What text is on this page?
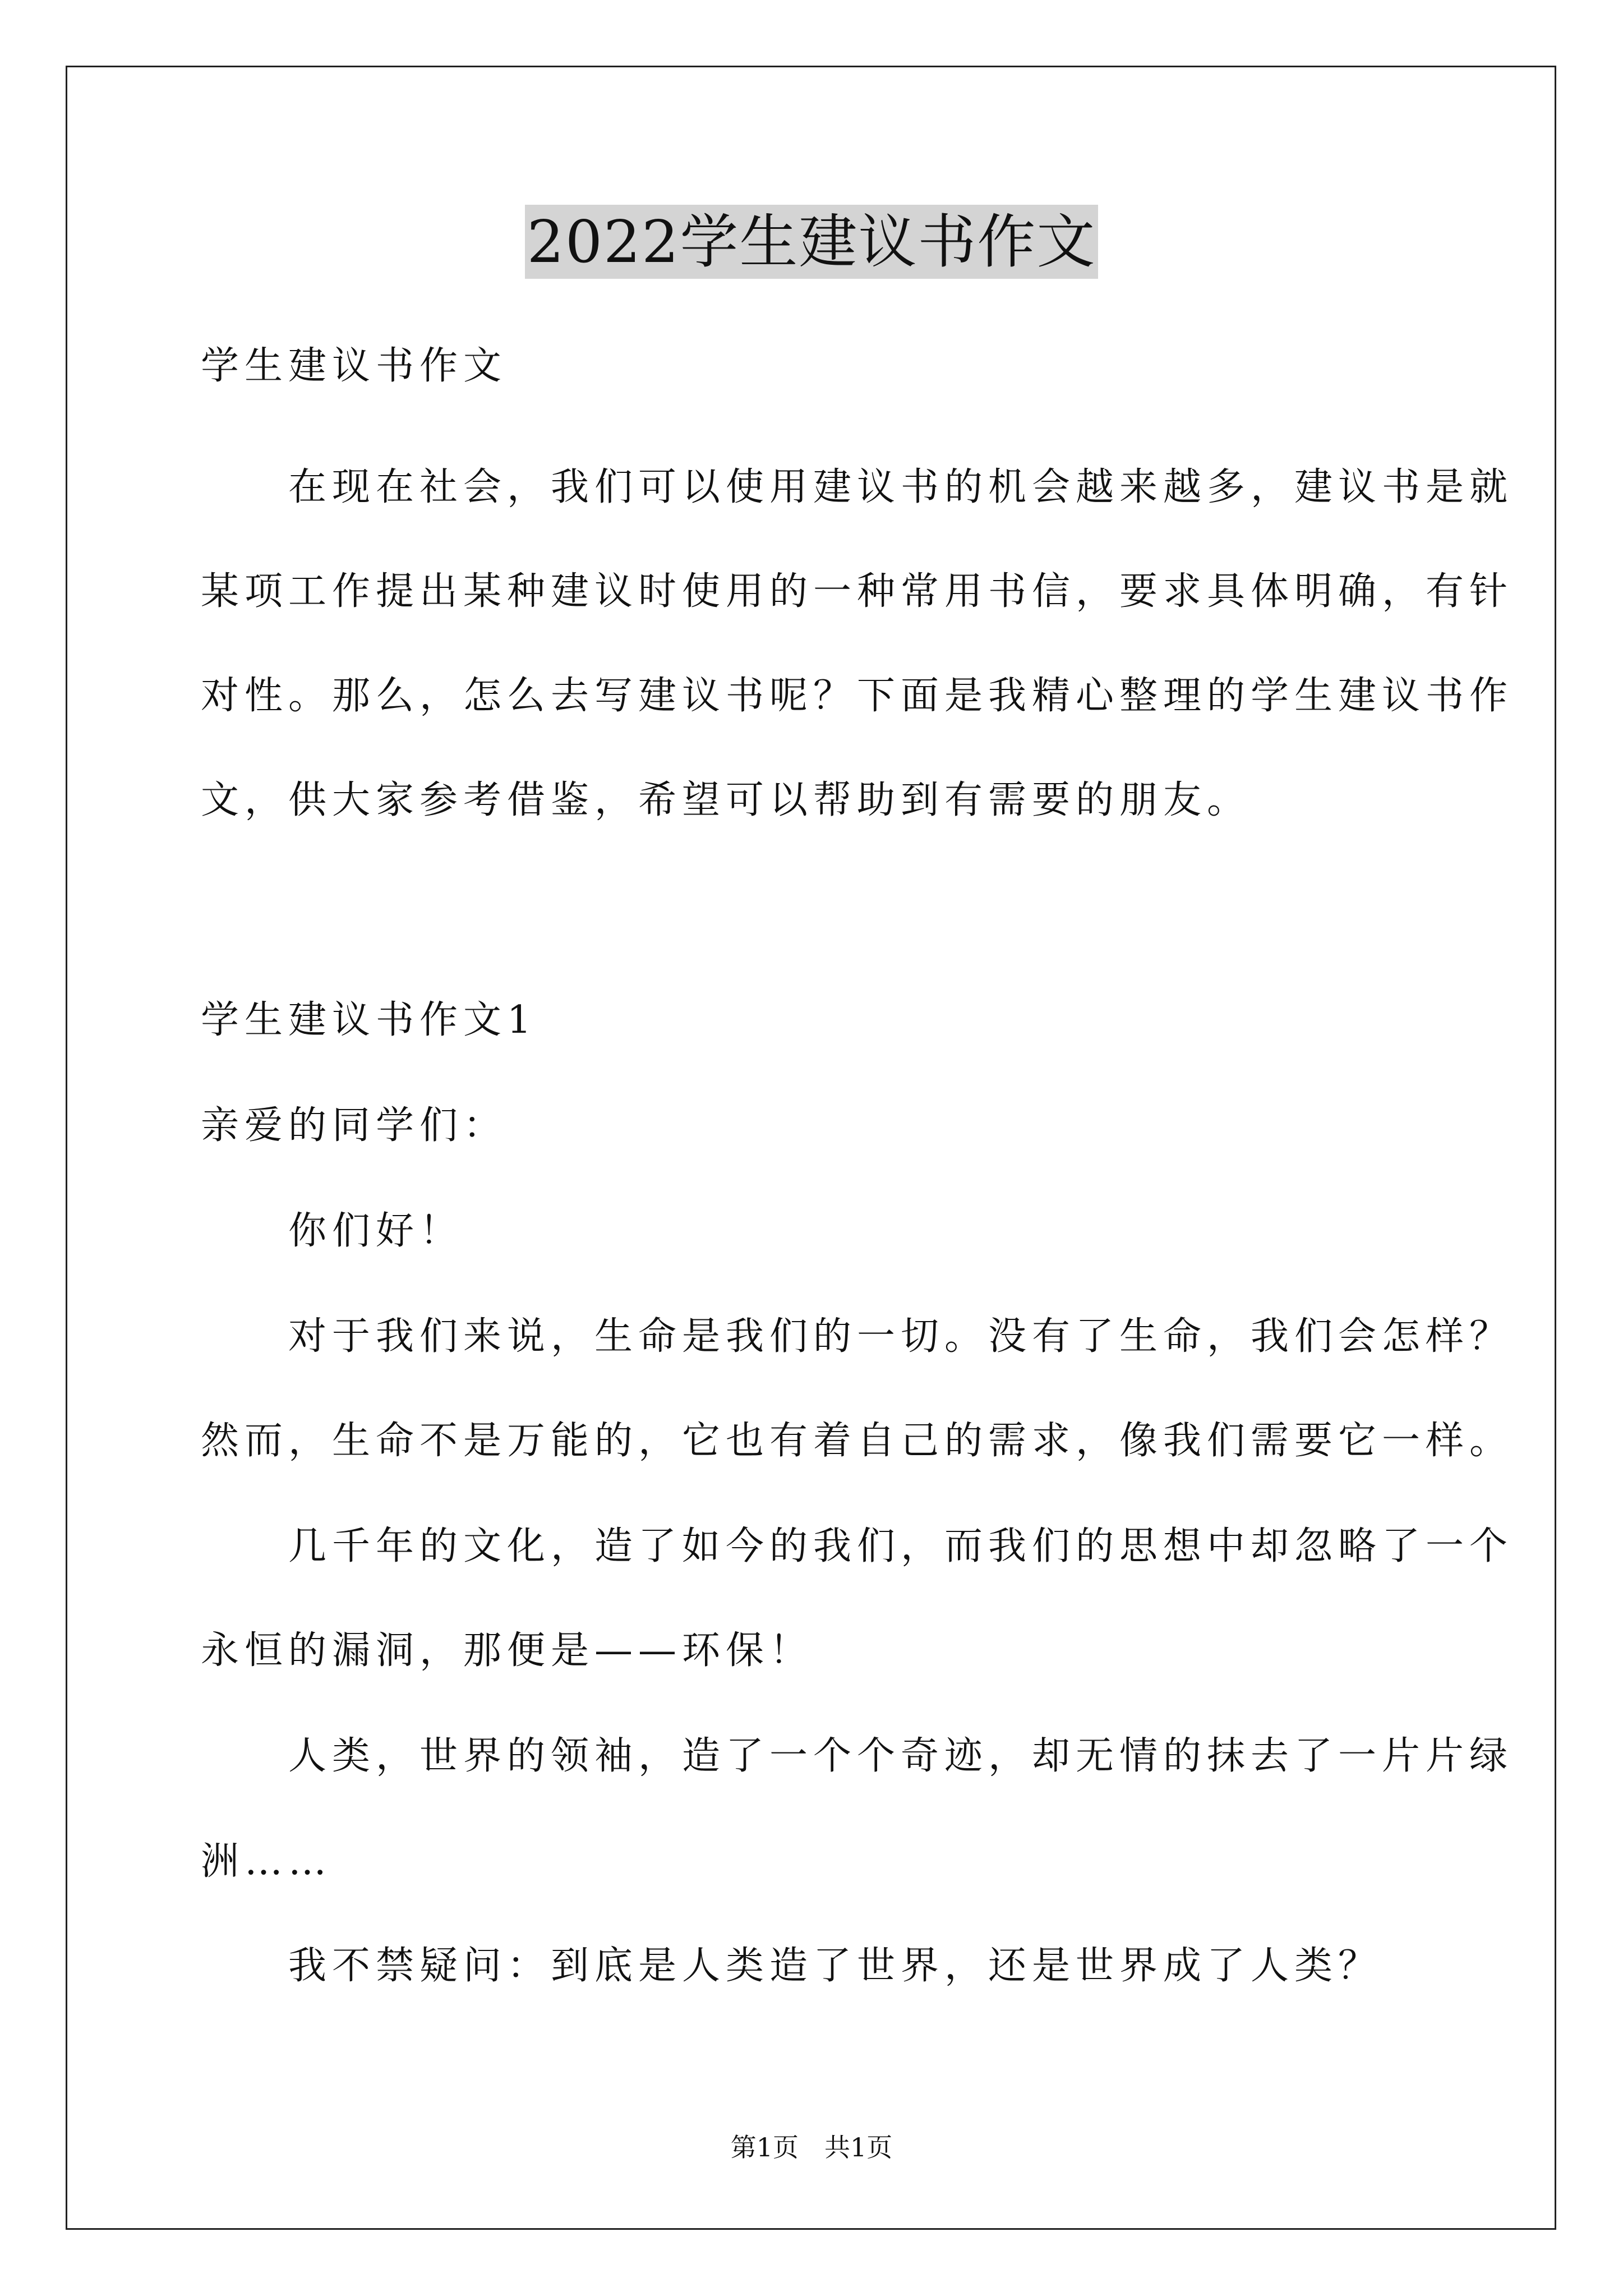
2022学生建议书作文
学生建议书作文
　　在现在社会，我们可以使用建议书的机会越来越多，建议书是就
某项工作提出某种建议时使用的一种常用书信，要求具体明确，有针
对性。那么，怎么去写建议书呢？下面是我精心整理的学生建议书作
文，供大家参考借鉴，希望可以帮助到有需要的朋友。
学生建议书作文1
亲爱的同学们：
　　你们好！
　　对于我们来说，生命是我们的一切。没有了生命，我们会怎样？
然而，生命不是万能的，它也有着自己的需求，像我们需要它一样。
　　几千年的文化，造了如今的我们，而我们的思想中却忽略了一个
永恒的漏洞，那便是——环保！
　　人类，世界的领袖，造了一个个奇迹，却无情的抹去了一片片绿
洲……
　　我不禁疑问：到底是人类造了世界，还是世界成了人类？
第1页 共1页
